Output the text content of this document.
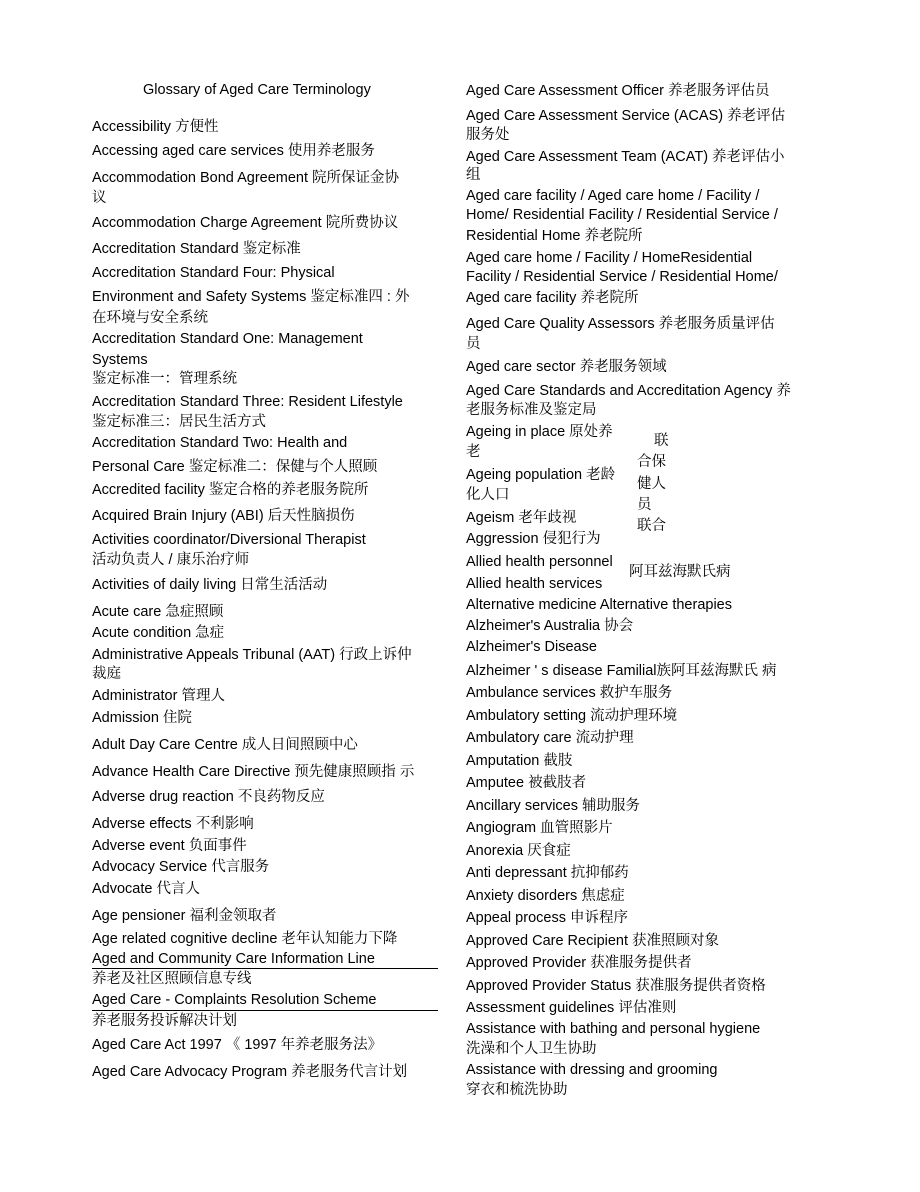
Glossary of Aged Care Terminology
Accessibility 方便性
Accessing aged care services 使用养老服务
Accommodation Bond Agreement 院所保证金协
议
Accommodation Charge Agreement 院所费协议
Accreditation Standard 鉴定标准
Accreditation Standard Four: Physical
Environment and Safety Systems 鉴定标准四 : 外
在环境与安全系统
Accreditation Standard One: Management
Systems
鉴定标准一：管理系统
Accreditation Standard Three: Resident Lifestyle
鉴定标准三：居民生活方式
Accreditation Standard Two: Health and
Personal Care 鉴定标准二：保健与个人照顾
Accredited facility 鉴定合格的养老服务院所
Acquired Brain Injury (ABI) 后天性脑损伤
Activities coordinator/Diversional Therapist
活动负责人 / 康乐治疗师
Activities of daily living 日常生活活动
Acute care 急症照顾
Acute condition 急症
Administrative Appeals Tribunal (AAT) 行政上诉仲
裁庭
Administrator 管理人
Admission 住院
Adult Day Care Centre 成人日间照顾中心
Advance Health Care Directive 预先健康照顾指 示
Adverse drug reaction 不良药物反应
Adverse effects 不利影响
Adverse event 负面事件
Advocacy Service 代言服务
Advocate 代言人
Age pensioner 福利金领取者
Age related cognitive decline 老年认知能力下降
Aged and Community Care Information Line
养老及社区照顾信息专线
Aged Care - Complaints Resolution Scheme
养老服务投诉解决计划
Aged Care Act 1997 《 1997 年养老服务法》
Aged Care Advocacy Program 养老服务代言计划
Aged Care Assessment Officer 养老服务评估员
Aged Care Assessment Service (ACAS) 养老评估
服务处
Aged Care Assessment Team (ACAT) 养老评估小
组
Aged care facility / Aged care home / Facility /
Home/ Residential Facility / Residential Service /
Residential Home 养老院所
Aged care home / Facility / HomeResidential
Facility / Residential Service / Residential Home/
Aged care facility 养老院所
Aged Care Quality Assessors 养老服务质量评估
员
Aged care sector 养老服务领域
Aged Care Standards and Accreditation Agency 养
老服务标准及鉴定局
Ageing in place 原处养
老
Ageing population 老龄
化人口
Ageism 老年歧视
Aggression 侵犯行为
Allied health personnel
Allied health services
Alternative medicine Alternative therapies
Alzheimer's Australia 协会
Alzheimer's Disease
Alzheimer ' s disease Familial族阿耳兹海默氏 病
Ambulance services 救护车服务
Ambulatory setting 流动护理环境
Ambulatory care 流动护理
Amputation 截肢
Amputee 被截肢者
Ancillary services 辅助服务
Angiogram 血管照影片
Anorexia 厌食症
Anti depressant 抗抑郁药
Anxiety disorders 焦虑症
Appeal process 申诉程序
Approved Care Recipient 获准照顾对象
Approved Provider 获准服务提供者
Approved Provider Status 获准服务提供者资格
Assessment guidelines 评估准则
Assistance with bathing and personal hygiene
洗澡和个人卫生协助
Assistance with dressing and grooming
穿衣和梳洗协助
联
合保
健人
员
联合
阿耳兹海默氏病
